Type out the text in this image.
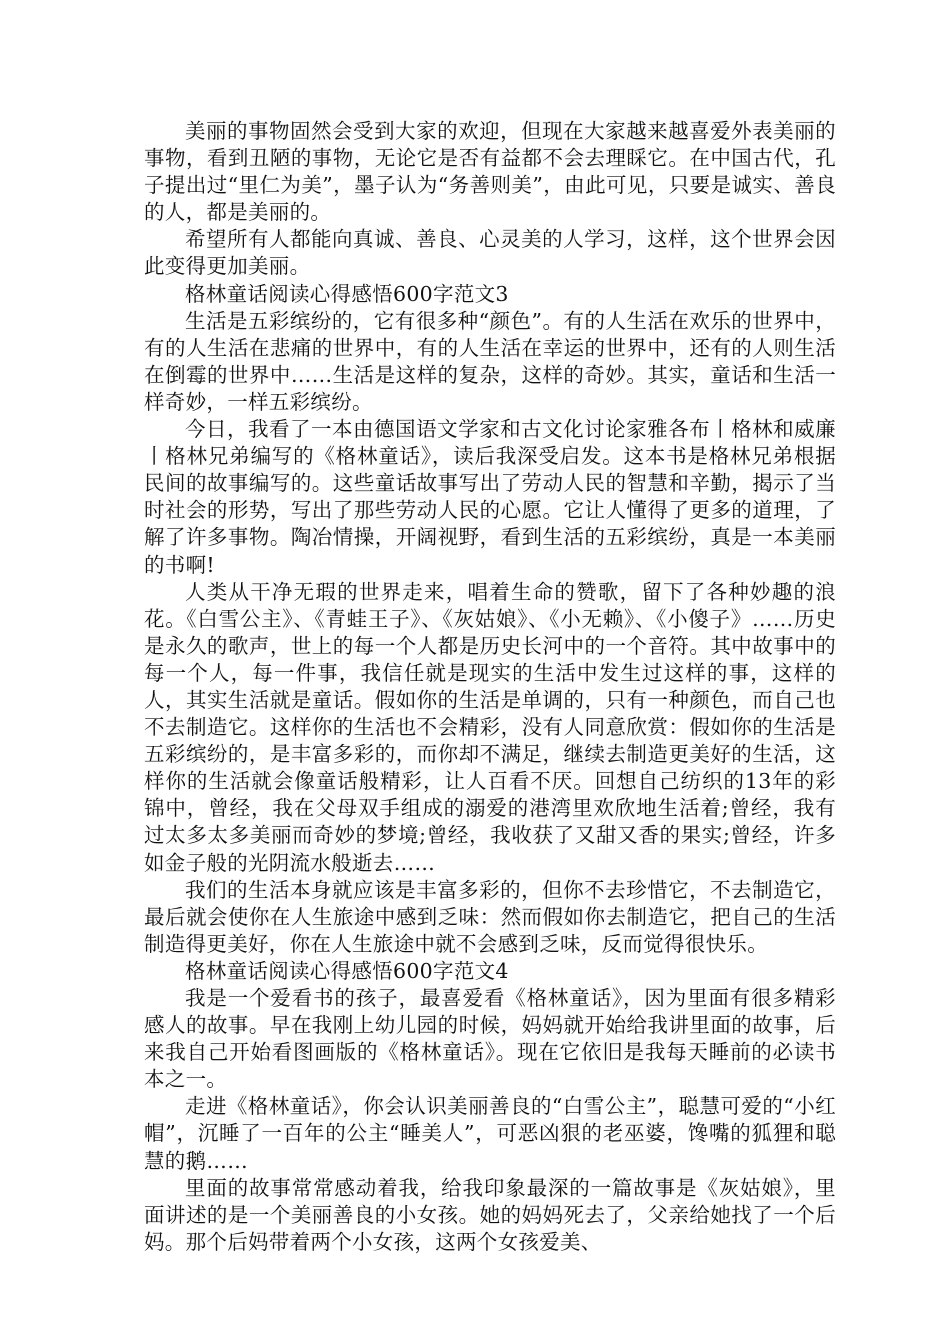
美丽的事物固然会受到大家的欢迎，但现在大家越来越喜爱外表美丽的事物，看到丑陋的事物，无论它是否有益都不会去理睬它。在中国古代，孔子提出过“里仁为美”，墨子认为“务善则美”，由此可见，只要是诚实、善良的人，都是美丽的。

希望所有人都能向真诚、善良、心灵美的人学习，这样，这个世界会因此变得更加美丽。

格林童话阅读心得感悟600字范文3

生活是五彩缤纷的，它有很多种“颜色”。有的人生活在欢乐的世界中，有的人生活在悲痛的世界中，有的人生活在幸运的世界中，还有的人则生活在倒霉的世界中……生活是这样的复杂，这样的奇妙。其实，童话和生活一样奇妙，一样五彩缤纷。

今日，我看了一本由德国语文学家和古文化讨论家雅各布丨格林和威廉丨格林兄弟编写的《格林童话》，读后我深受启发。这本书是格林兄弟根据民间的故事编写的。这些童话故事写出了劳动人民的智慧和辛勤，揭示了当时社会的形势，写出了那些劳动人民的心愿。它让人懂得了更多的道理，了解了许多事物。陶冶情操，开阔视野，看到生活的五彩缤纷，真是一本美丽的书啊!

人类从干净无瑕的世界走来，唱着生命的赞歌，留下了各种妙趣的浪花。《白雪公主》、《青蛙王子》、《灰姑娘》、《小无赖》、《小傻子》……历史是永久的歌声，世上的每一个人都是历史长河中的一个音符。其中故事中的每一个人，每一件事，我信任就是现实的生活中发生过这样的事，这样的人，其实生活就是童话。假如你的生活是单调的，只有一种颜色，而自己也不去制造它。这样你的生活也不会精彩，没有人同意欣赏：假如你的生活是五彩缤纷的，是丰富多彩的，而你却不满足，继续去制造更美好的生活，这样你的生活就会像童话般精彩，让人百看不厌。回想自己纺织的13年的彩锦中，曾经，我在父母双手组成的溺爱的港湾里欢欣地生活着;曾经，我有过太多太多美丽而奇妙的梦境;曾经，我收获了又甜又香的果实;曾经，许多如金子般的光阴流水般逝去……

我们的生活本身就应该是丰富多彩的，但你不去珍惜它，不去制造它，最后就会使你在人生旅途中感到乏味：然而假如你去制造它，把自己的生活制造得更美好，你在人生旅途中就不会感到乏味，反而觉得很快乐。

格林童话阅读心得感悟600字范文4

我是一个爱看书的孩子，最喜爱看《格林童话》，因为里面有很多精彩感人的故事。早在我刚上幼儿园的时候，妈妈就开始给我讲里面的故事，后来我自己开始看图画版的《格林童话》。现在它依旧是我每天睡前的必读书本之一。

走进《格林童话》，你会认识美丽善良的“白雪公主”，聪慧可爱的“小红帽”，沉睡了一百年的公主“睡美人”，可恶凶狠的老巫婆，馋嘴的狐狸和聪慧的鹅……

里面的故事常常感动着我，给我印象最深的一篇故事是《灰姑娘》，里面讲述的是一个美丽善良的小女孩。她的妈妈死去了，父亲给她找了一个后妈。那个后妈带着两个小女孩，这两个女孩爱美、
